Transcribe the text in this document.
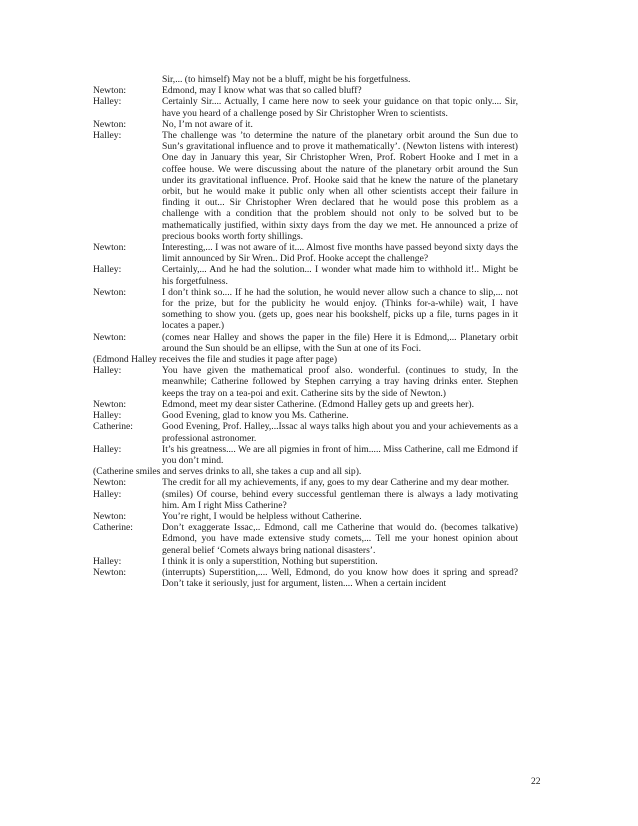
Sir,... (to himself) May not be a bluff, might be his forgetfulness.
Newton:	Edmond, may I know what was that so called bluff?
Halley:	Certainly Sir.... Actually, I came here now to seek your guidance on that topic only.... Sir, have you heard of a challenge posed by Sir Christopher Wren to scientists.
Newton:	No, I’m not aware of it.
Halley:	The challenge was ’to determine the nature of the planetary orbit around the Sun due to Sun’s gravitational influence and to prove it mathematically’. (Newton listens with interest) One day in January this year, Sir Christopher Wren, Prof. Robert Hooke and I met in a coffee house. We were discussing about the nature of the planetary orbit around the Sun under its gravitational influence. Prof. Hooke said that he knew the nature of the planetary orbit, but he would make it public only when all other scientists accept their failure in finding it out... Sir Christopher Wren declared that he would pose this problem as a challenge with a condition that the problem should not only to be solved but to be mathematically justified, within sixty days from the day we met. He announced a prize of precious books worth forty shillings.
Newton:	Interesting,... I was not aware of it.... Almost five months have passed beyond sixty days the limit announced by Sir Wren.. Did Prof. Hooke accept the challenge?
Halley:	Certainly,... And he had the solution... I wonder what made him to withhold it!.. Might be his forgetfulness.
Newton:	I don’t think so.... If he had the solution, he would never allow such a chance to slip,... not for the prize, but for the publicity he would enjoy. (Thinks for-a-while) wait, I have something to show you. (gets up, goes near his bookshelf, picks up a file, turns pages in it locates a paper.)
Newton:	(comes near Halley and shows the paper in the file) Here it is Edmond,... Planetary orbit around the Sun should be an ellipse, with the Sun at one of its Foci.
(Edmond Halley receives the file and studies it page after page)
Halley:	You have given the mathematical proof also. wonderful. (continues to study, In the meanwhile; Catherine followed by Stephen carrying a tray having drinks enter. Stephen keeps the tray on a tea-poi and exit. Catherine sits by the side of Newton.)
Newton:	Edmond, meet my dear sister Catherine. (Edmond Halley gets up and greets her).
Halley:	Good Evening, glad to know you Ms. Catherine.
Catherine:	Good Evening, Prof. Halley,...Issac al ways talks high about you and your achievements as a professional astronomer.
Halley:	It’s his greatness.... We are all pigmies in front of him..... Miss Catherine, call me Edmond if you don’t mind.
(Catherine smiles and serves drinks to all, she takes a cup and all sip).
Newton:	The credit for all my achievements, if any, goes to my dear Catherine and my dear mother.
Halley:	(smiles) Of course, behind every successful gentleman there is always a lady motivating him. Am I right Miss Catherine?
Newton:	You’re right, I would be helpless without Catherine.
Catherine:	Don’t exaggerate Issac,.. Edmond, call me Catherine that would do. (becomes talkative) Edmond, you have made extensive study comets,... Tell me your honest opinion about general belief ‘Comets always bring national disasters’.
Halley:	I think it is only a superstition, Nothing but superstition.
Newton:	(interrupts) Superstition,.... Well, Edmond, do you know how does it spring and spread? Don’t take it seriously, just for argument, listen.... When a certain incident
22
